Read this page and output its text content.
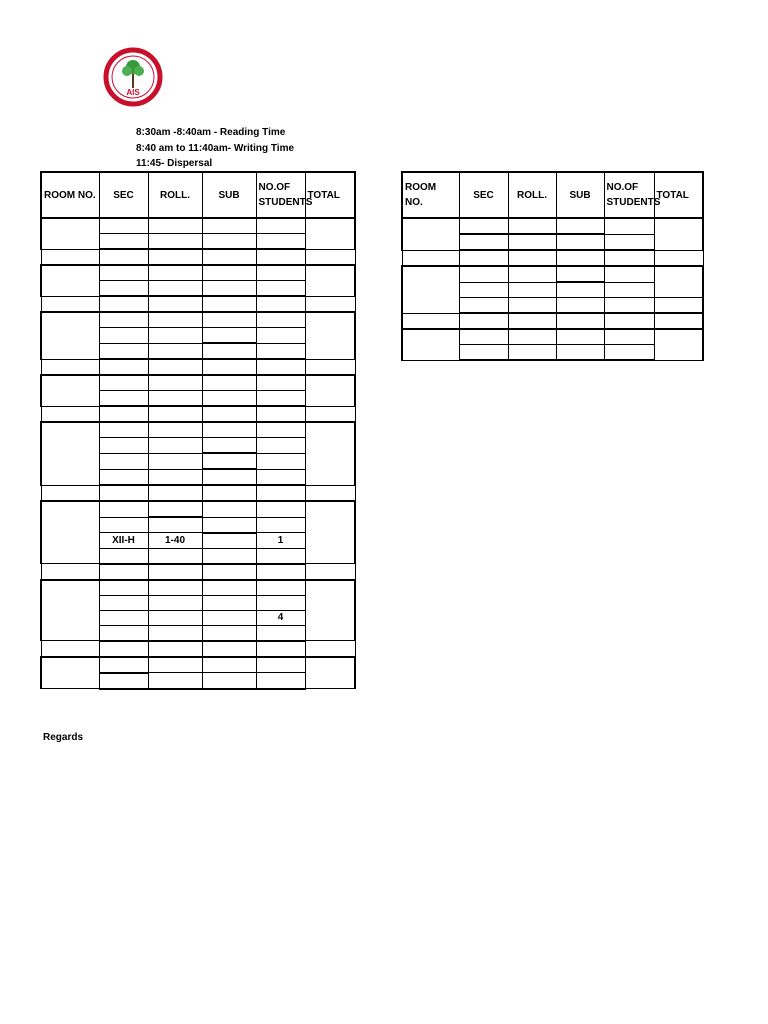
AIS
8:30am -8:40am - Reading Time
8:40 am to 11:40am- Writing Time
11:45- Dispersal
ROOM NO.	SEC	ROLL.	SUB	NO.OF STUDENTS	TOTAL

	XII-H	1-40		1	

				4	

ROOM NO.	SEC	ROLL.	SUB	NO.OF STUDENTS	TOTAL

Regards
